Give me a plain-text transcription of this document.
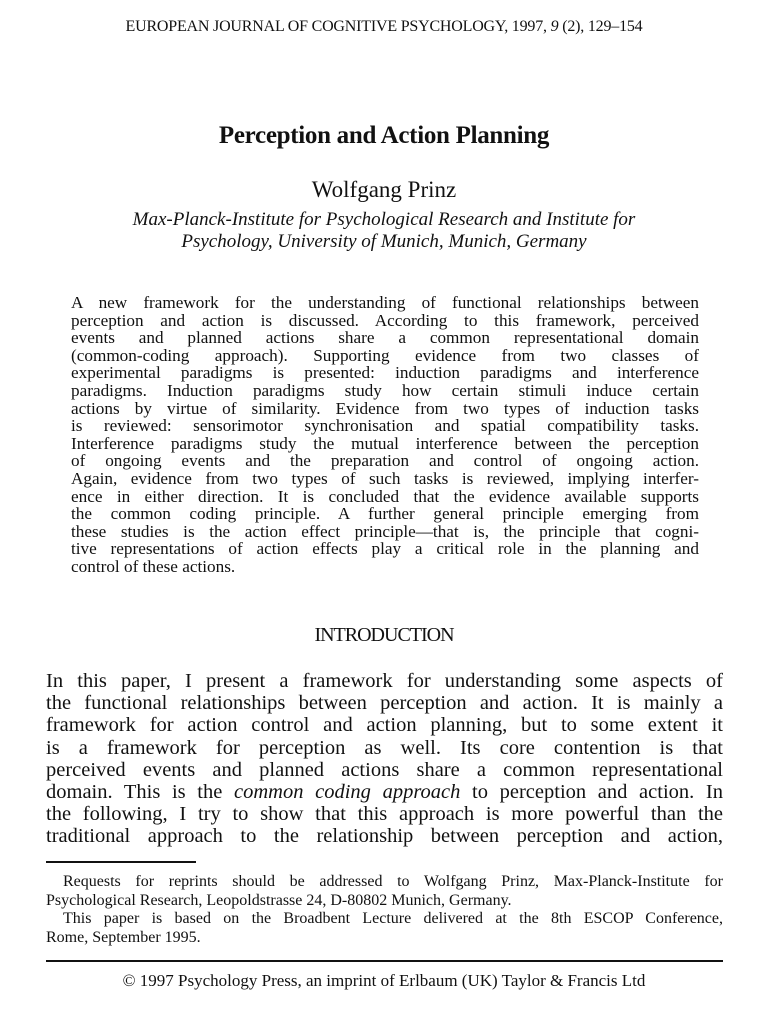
EUROPEAN JOURNAL OF COGNITIVE PSYCHOLOGY, 1997, 9 (2), 129–154
Perception and Action Planning
Wolfgang Prinz
Max-Planck-Institute for Psychological Research and Institute for
Psychology, University of Munich, Munich, Germany
A new framework for the understanding of functional relationships between
perception and action is discussed. According to this framework, perceived
events and planned actions share a common representational domain
(common-coding approach). Supporting evidence from two classes of
experimental paradigms is presented: induction paradigms and interference
paradigms. Induction paradigms study how certain stimuli induce certain
actions by virtue of similarity. Evidence from two types of induction tasks
is reviewed: sensorimotor synchronisation and spatial compatibility tasks.
Interference paradigms study the mutual interference between the perception
of ongoing events and the preparation and control of ongoing action.
Again, evidence from two types of such tasks is reviewed, implying interfer-
ence in either direction. It is concluded that the evidence available supports
the common coding principle. A further general principle emerging from
these studies is the action effect principle—that is, the principle that cogni-
tive representations of action effects play a critical role in the planning and
control of these actions.
INTRODUCTION
In this paper, I present a framework for understanding some aspects of
the functional relationships between perception and action. It is mainly a
framework for action control and action planning, but to some extent it
is a framework for perception as well. Its core contention is that
perceived events and planned actions share a common representational
domain. This is the common coding approach to perception and action. In
the following, I try to show that this approach is more powerful than the
traditional approach to the relationship between perception and action,
Requests for reprints should be addressed to Wolfgang Prinz, Max-Planck-Institute for
Psychological Research, Leopoldstrasse 24, D-80802 Munich, Germany.
This paper is based on the Broadbent Lecture delivered at the 8th ESCOP Conference,
Rome, September 1995.
© 1997 Psychology Press, an imprint of Erlbaum (UK) Taylor & Francis Ltd
